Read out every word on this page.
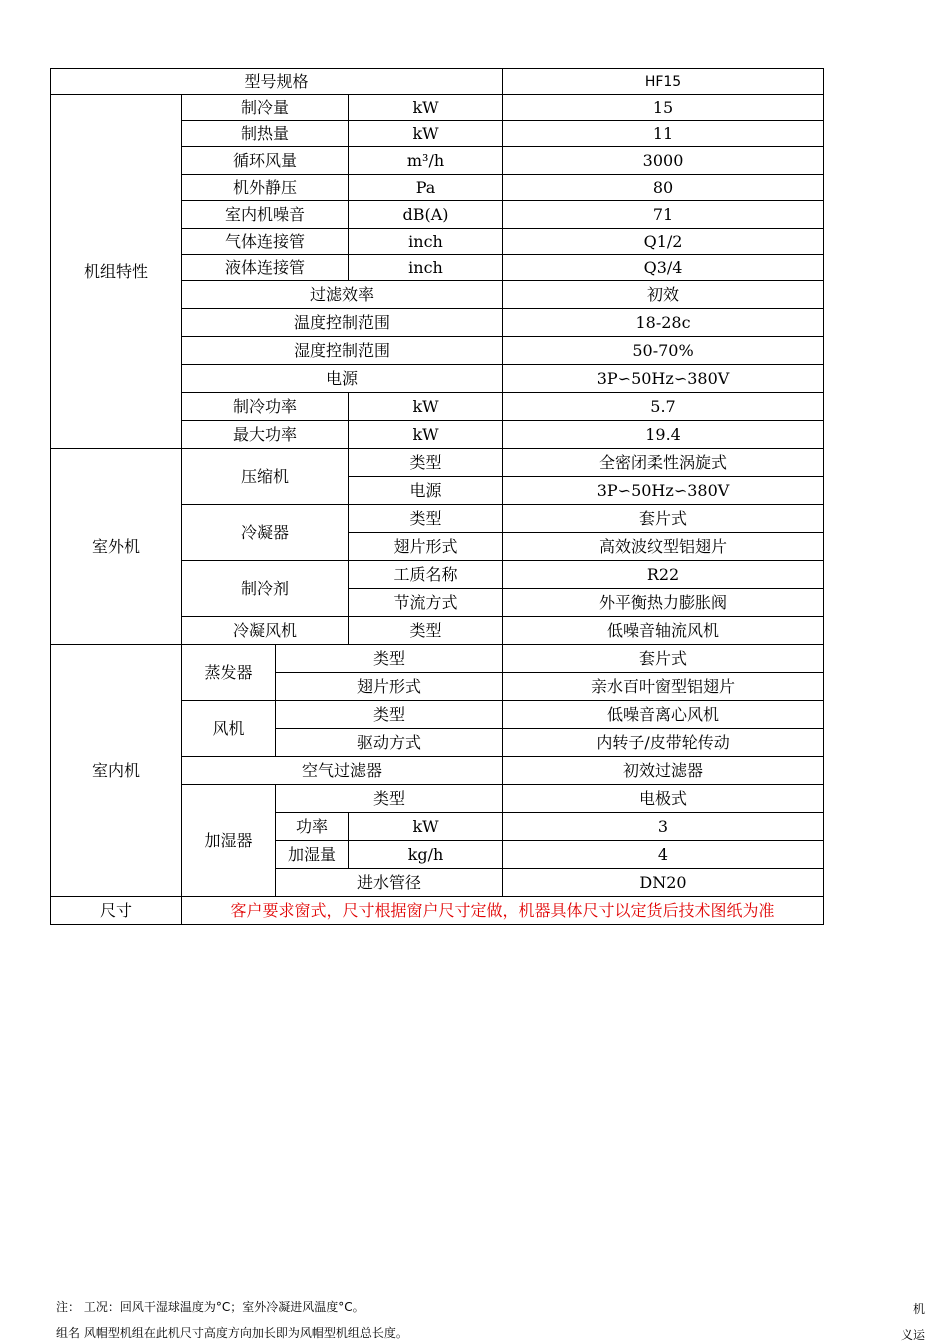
型号规格				HF15
机组特性	制冷量		kW	15
	制热量		kW	11
	循环风量		m³/h	3000
	机外静压		Pa	80
	室内机噪音		dB(A)	71
	气体连接管		inch	Q1/2
	液体连接管		inch	Q3/4
	过滤效率			初效
	温度控制范围			18-28c
	湿度控制范围			50-70%
	电源			3P∽50Hz∽380V
	制冷功率		kW	5.7
	最大功率		kW	19.4
室外机	压缩机		类型	全密闭柔性涡旋式
			电源	3P∽50Hz∽380V
	冷凝器		类型	套片式
			翅片形式	高效波纹型铝翅片
	制冷剂		工质名称	R22
			节流方式	外平衡热力膨胀阀
	冷凝风机		类型	低噪音轴流风机
室内机	蒸发器	类型		套片式
		翅片形式		亲水百叶窗型铝翅片
	风机	类型		低噪音离心风机
		驱动方式		内转子/皮带轮传动
	空气过滤器			初效过滤器
	加湿器	类型		电极式
		功率	kW	3
		加湿量	kg/h	4
		进水管径		DN20
尺寸	客户要求窗式，尺寸根据窗户尺寸定做，机器具体尺寸以定货后技术图纸为准			
注： 工况：回风干湿球温度为°C；室外冷凝进风温度°C。	机
组名 风帽型机组在此机尺寸高度方向加长即为风帽型机组总长度。	义运
